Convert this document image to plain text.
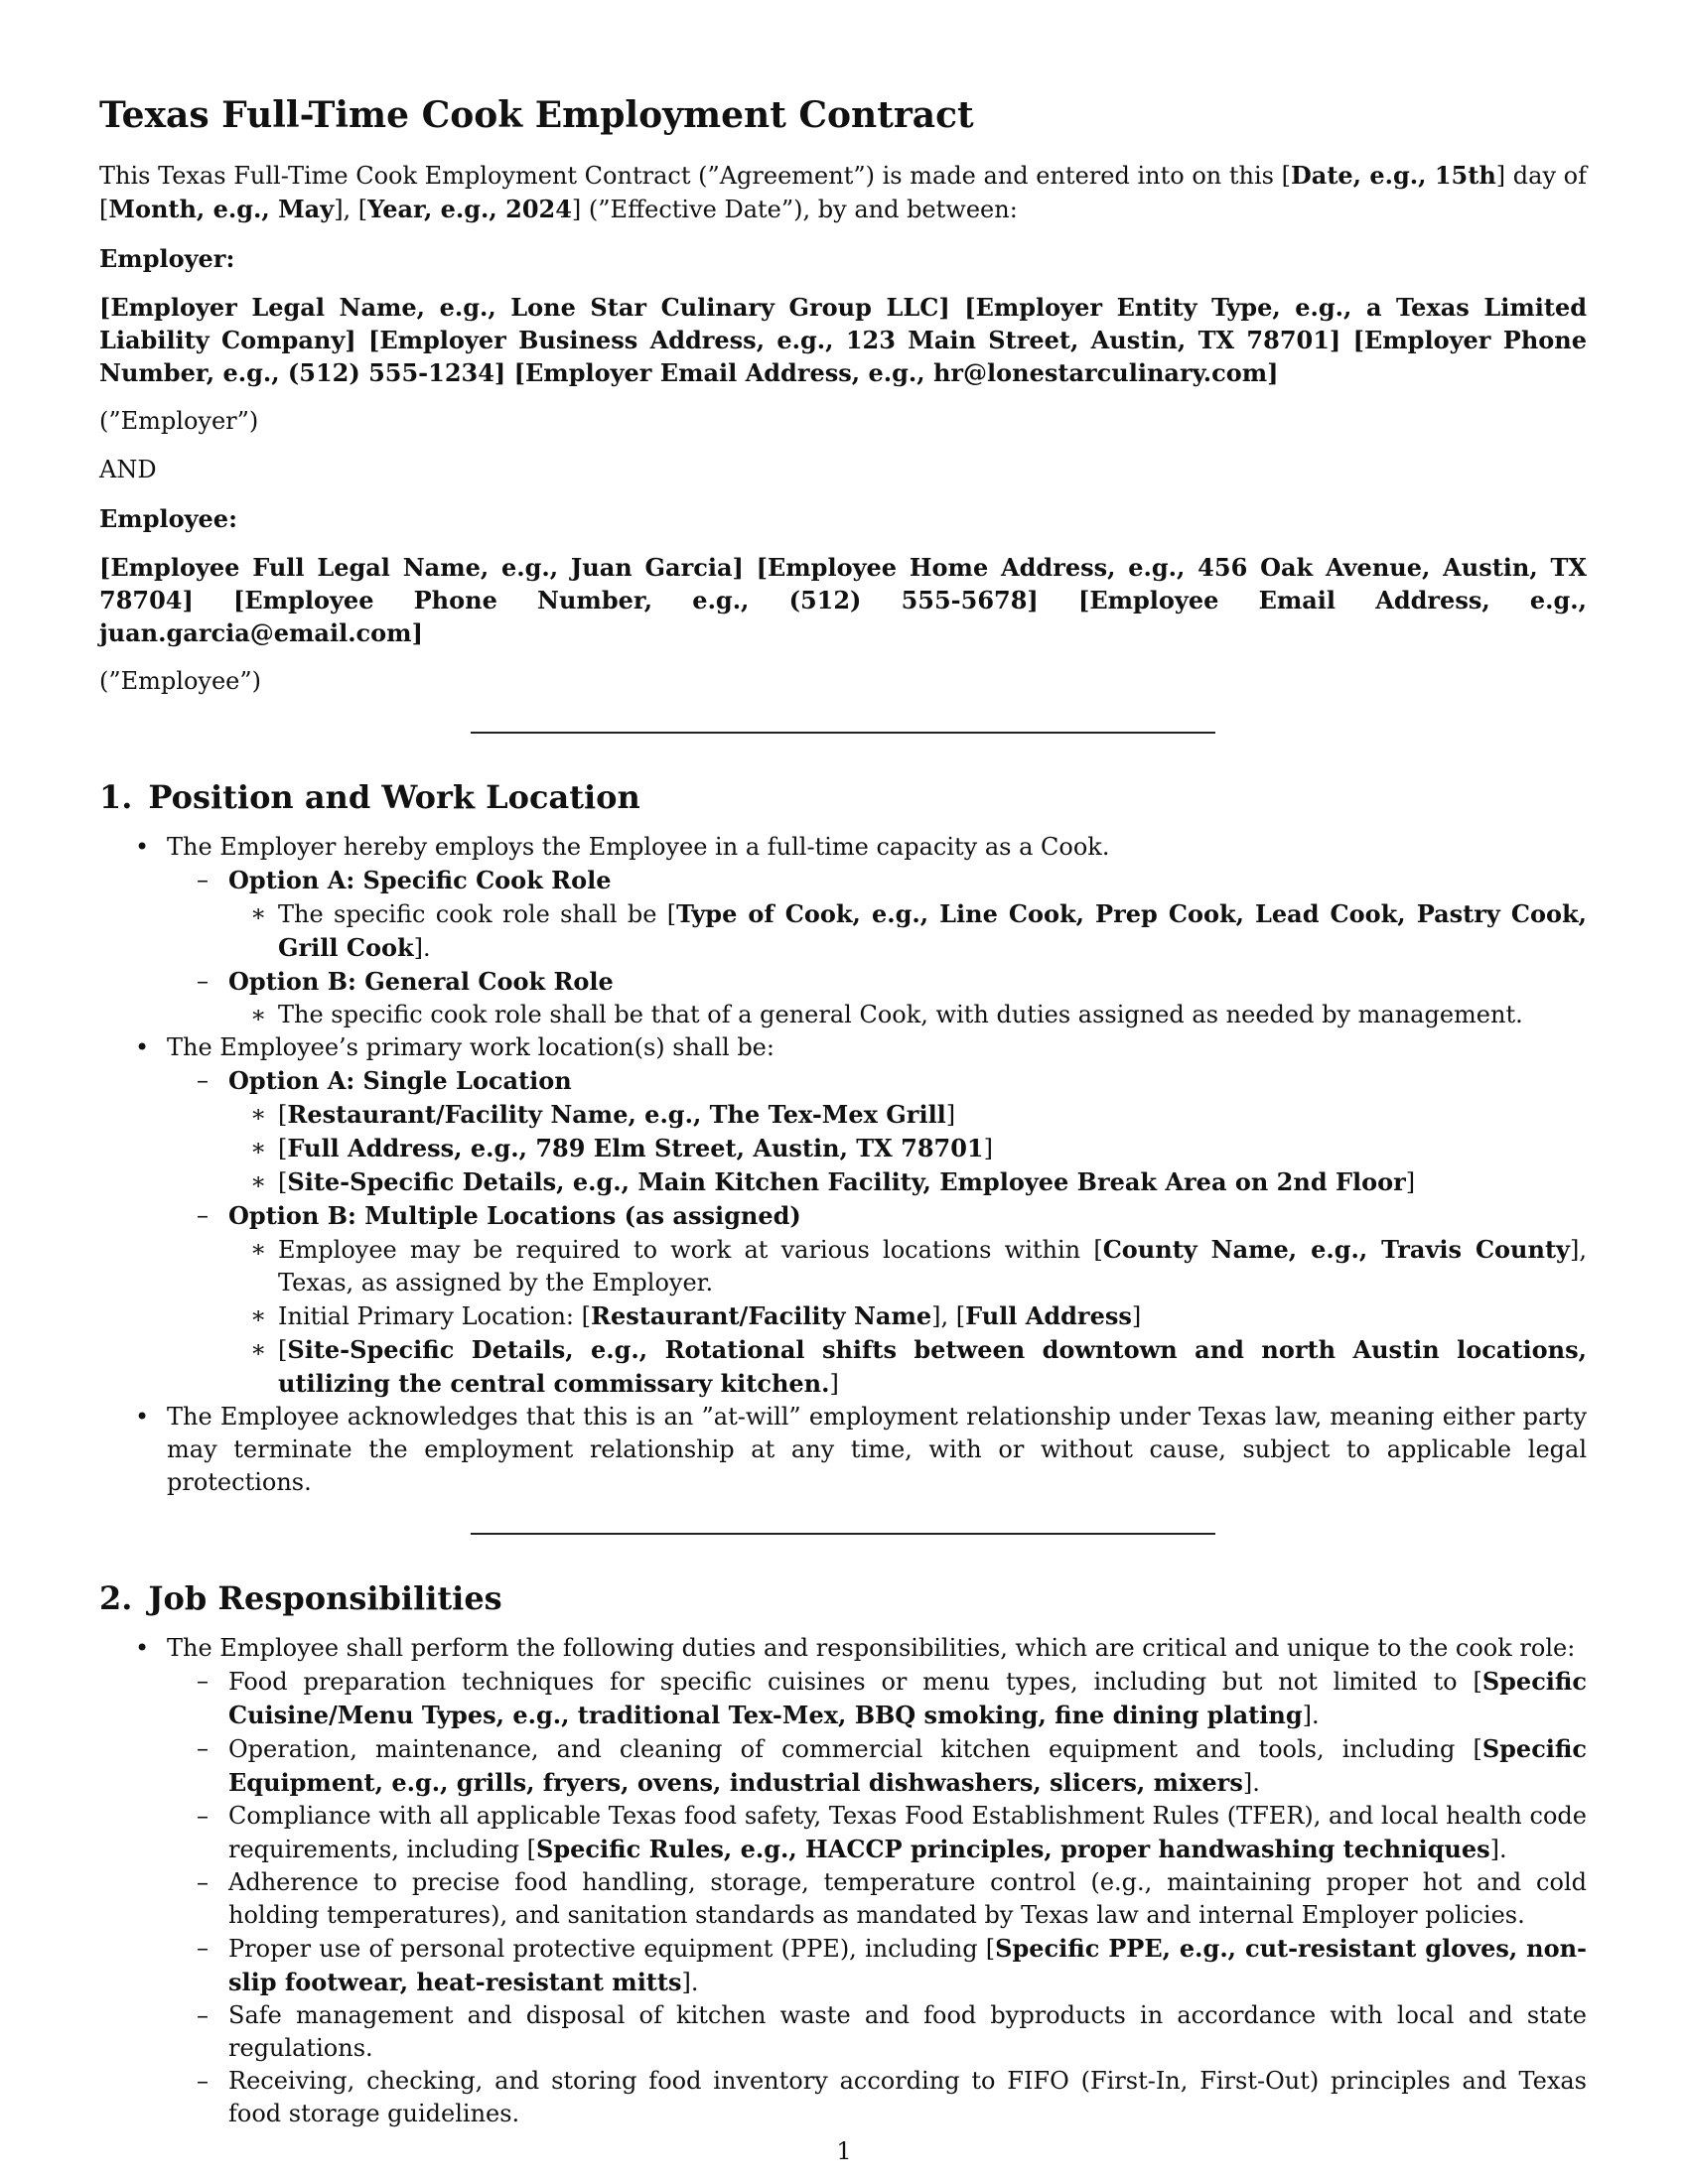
Texas Full-Time Cook Employment Contract

This Texas Full-Time Cook Employment Contract (”Agreement”) is made and entered into on this [Date, e.g., 15th] day of [Month, e.g., May], [Year, e.g., 2024] (”Effective Date”), by and between:

Employer:

[Employer Legal Name, e.g., Lone Star Culinary Group LLC] [Employer Entity Type, e.g., a Texas Limited Liability Company] [Employer Business Address, e.g., 123 Main Street, Austin, TX 78701] [Employer Phone Number, e.g., (512) 555-1234] [Employer Email Address, e.g., hr@lonestarculinary.com]

(”Employer”)

AND

Employee:

[Employee Full Legal Name, e.g., Juan Garcia] [Employee Home Address, e.g., 456 Oak Avenue, Austin, TX 78704] [Employee Phone Number, e.g., (512) 555-5678] [Employee Email Address, e.g., juan.garcia@email.com]

(”Employee”)

1. Position and Work Location
• The Employer hereby employs the Employee in a full-time capacity as a Cook.
– Option A: Specific Cook Role
∗ The specific cook role shall be [Type of Cook, e.g., Line Cook, Prep Cook, Lead Cook, Pastry Cook, Grill Cook].
– Option B: General Cook Role
∗ The specific cook role shall be that of a general Cook, with duties assigned as needed by management.
• The Employee’s primary work location(s) shall be:
– Option A: Single Location
∗ [Restaurant/Facility Name, e.g., The Tex-Mex Grill]
∗ [Full Address, e.g., 789 Elm Street, Austin, TX 78701]
∗ [Site-Specific Details, e.g., Main Kitchen Facility, Employee Break Area on 2nd Floor]
– Option B: Multiple Locations (as assigned)
∗ Employee may be required to work at various locations within [County Name, e.g., Travis County], Texas, as assigned by the Employer.
∗ Initial Primary Location: [Restaurant/Facility Name], [Full Address]
∗ [Site-Specific Details, e.g., Rotational shifts between downtown and north Austin locations, utilizing the central commissary kitchen.]
• The Employee acknowledges that this is an ”at-will” employment relationship under Texas law, meaning either party may terminate the employment relationship at any time, with or without cause, subject to applicable legal protections.
2. Job Responsibilities
• The Employee shall perform the following duties and responsibilities, which are critical and unique to the cook role:
– Food preparation techniques for specific cuisines or menu types, including but not limited to [Specific Cuisine/Menu Types, e.g., traditional Tex-Mex, BBQ smoking, fine dining plating].
– Operation, maintenance, and cleaning of commercial kitchen equipment and tools, including [Specific Equipment, e.g., grills, fryers, ovens, industrial dishwashers, slicers, mixers].
– Compliance with all applicable Texas food safety, Texas Food Establishment Rules (TFER), and local health code requirements, including [Specific Rules, e.g., HACCP principles, proper handwashing techniques].
– Adherence to precise food handling, storage, temperature control (e.g., maintaining proper hot and cold holding temperatures), and sanitation standards as mandated by Texas law and internal Employer policies.
– Proper use of personal protective equipment (PPE), including [Specific PPE, e.g., cut-resistant gloves, non-slip footwear, heat-resistant mitts].
– Safe management and disposal of kitchen waste and food byproducts in accordance with local and state regulations.
– Receiving, checking, and storing food inventory according to FIFO (First-In, First-Out) principles and Texas food storage guidelines.
1
